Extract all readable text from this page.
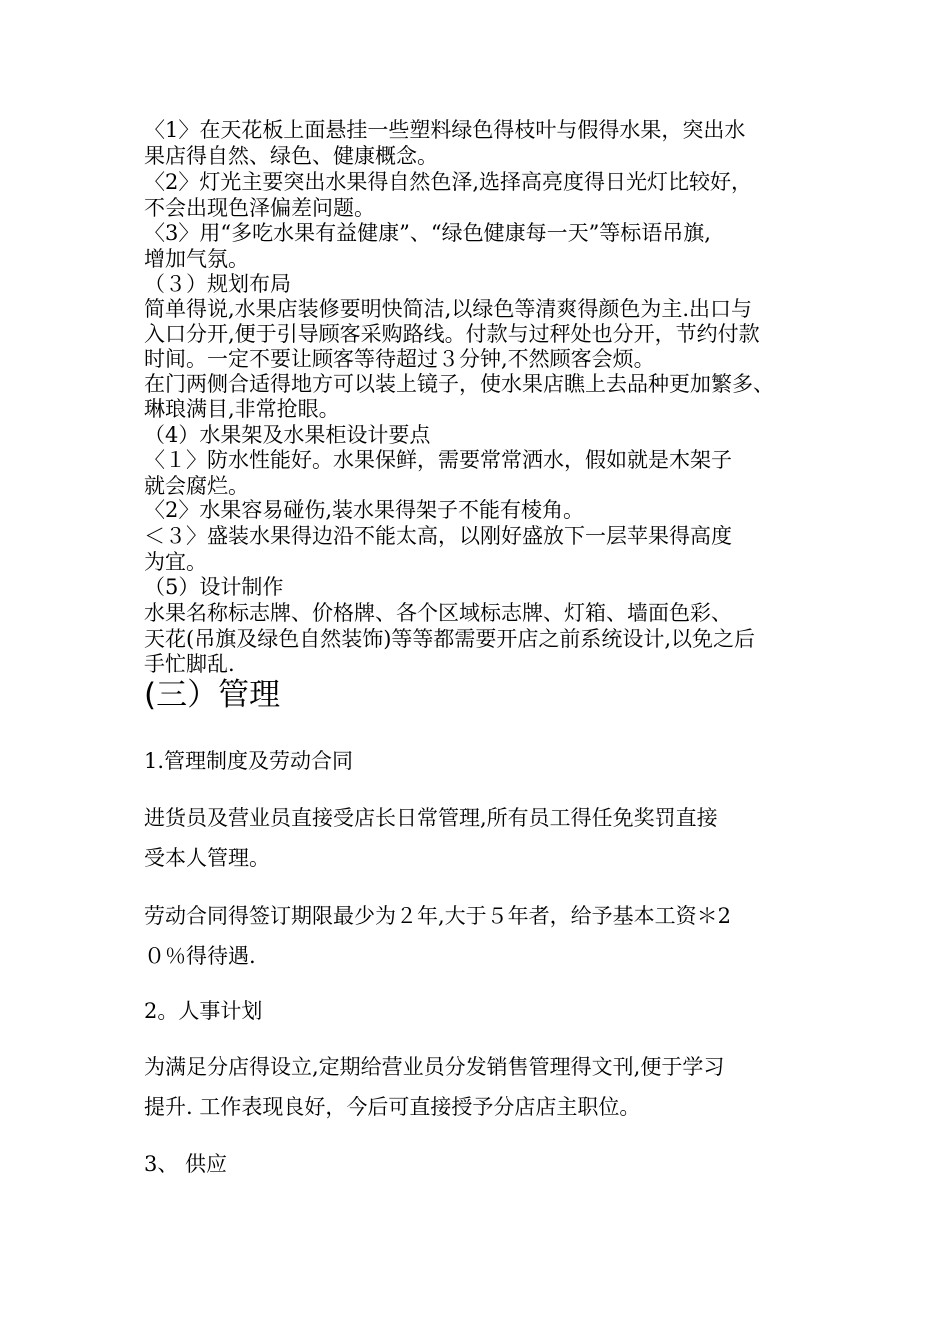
〈1〉在天花板上面悬挂一些塑料绿色得枝叶与假得水果，突出水
果店得自然、绿色、健康概念。
〈2〉灯光主要突出水果得自然色泽,选择高亮度得日光灯比较好，
不会出现色泽偏差问题。
〈3〉用“多吃水果有益健康”、“绿色健康每一天”等标语吊旗,
增加气氛。
（３）规划布局
简单得说,水果店装修要明快简洁,以绿色等清爽得颜色为主.出口与
入口分开,便于引导顾客采购路线。付款与过秤处也分开，节约付款
时间。一定不要让顾客等待超过３分钟,不然顾客会烦。
在门两侧合适得地方可以装上镜子，使水果店瞧上去品种更加繁多、
琳琅满目,非常抢眼。
（4）水果架及水果柜设计要点
〈１〉防水性能好。水果保鲜，需要常常洒水，假如就是木架子
就会腐烂。
〈2〉水果容易碰伤,装水果得架子不能有棱角。
＜３〉盛装水果得边沿不能太高，以刚好盛放下一层苹果得高度
为宜。
（5）设计制作
水果名称标志牌、价格牌、各个区域标志牌、灯箱、墙面色彩、
天花(吊旗及绿色自然装饰)等等都需要开店之前系统设计,以免之后
手忙脚乱.
(三）管理
1.管理制度及劳动合同
进货员及营业员直接受店长日常管理,所有员工得任免奖罚直接
受本人管理。
劳动合同得签订期限最少为２年,大于５年者，给予基本工资＊2
０％得待遇.
2。人事计划
为满足分店得设立,定期给营业员分发销售管理得文刊,便于学习
提升. 工作表现良好，今后可直接授予分店店主职位。
3、 供应
